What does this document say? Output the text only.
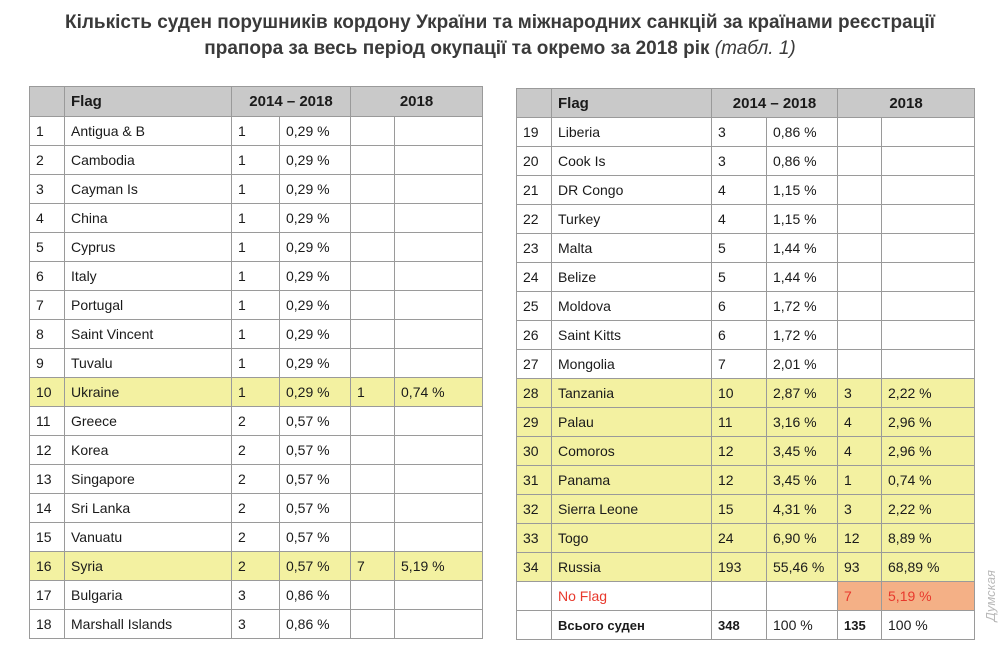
Кількість суден порушників кордону України та міжнародних санкцій за країнами реєстрації
прапора за весь період окупації та окремо за 2018 рік (табл. 1)
	Flag	2014 – 2018		2018	
1	Antigua & B	1	0,29 %		
2	Cambodia	1	0,29 %		
3	Cayman Is	1	0,29 %		
4	China	1	0,29 %		
5	Cyprus	1	0,29 %		
6	Italy	1	0,29 %		
7	Portugal	1	0,29 %		
8	Saint Vincent	1	0,29 %		
9	Tuvalu	1	0,29 %		
10	Ukraine	1	0,29 %	1	0,74 %
11	Greece	2	0,57 %		
12	Korea	2	0,57 %		
13	Singapore	2	0,57 %		
14	Sri Lanka	2	0,57 %		
15	Vanuatu	2	0,57 %		
16	Syria	2	0,57 %	7	5,19 %
17	Bulgaria	3	0,86 %		
18	Marshall Islands	3	0,86 %		
	Flag	2014 – 2018		2018	
19	Liberia	3	0,86 %		
20	Cook Is	3	0,86 %		
21	DR Congo	4	1,15 %		
22	Turkey	4	1,15 %		
23	Malta	5	1,44 %		
24	Belize	5	1,44 %		
25	Moldova	6	1,72 %		
26	Saint Kitts	6	1,72 %		
27	Mongolia	7	2,01 %		
28	Tanzania	10	2,87 %	3	2,22 %
29	Palau	11	3,16 %	4	2,96 %
30	Comoros	12	3,45 %	4	2,96 %
31	Panama	12	3,45 %	1	0,74 %
32	Sierra Leone	15	4,31 %	3	2,22 %
33	Togo	24	6,90 %	12	8,89 %
34	Russia	193	55,46 %	93	68,89 %
	No Flag			7	5,19 %
	Всього суден	348	100 %	135	100 %
Думская
